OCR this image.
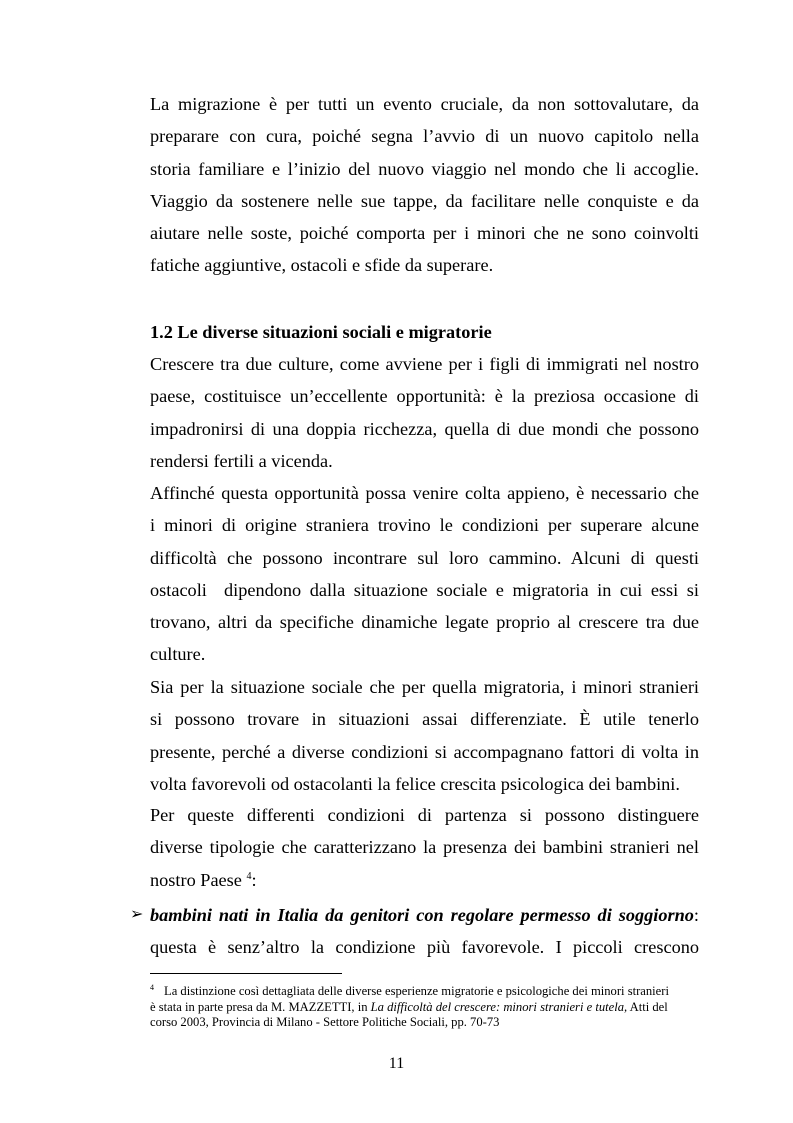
La migrazione è per tutti un evento cruciale, da non sottovalutare, da
preparare con cura, poiché segna l’avvio di un nuovo capitolo nella
storia familiare e l’inizio del nuovo viaggio nel mondo che li accoglie.
Viaggio da sostenere nelle sue tappe, da facilitare nelle conquiste e da
aiutare nelle soste, poiché comporta per i minori che ne sono coinvolti
fatiche aggiuntive, ostacoli e sfide da superare.
1.2 Le diverse situazioni sociali e migratorie
Crescere tra due culture, come avviene per i figli di immigrati nel nostro
paese, costituisce un’eccellente opportunità: è la preziosa occasione di
impadronirsi di una doppia ricchezza, quella di due mondi che possono
rendersi fertili a vicenda.
Affinché questa opportunità possa venire colta appieno, è necessario che
i minori di origine straniera trovino le condizioni per superare alcune
difficoltà che possono incontrare sul loro cammino. Alcuni di questi
ostacoli  dipendono dalla situazione sociale e migratoria in cui essi si
trovano, altri da specifiche dinamiche legate proprio al crescere tra due
culture.
Sia per la situazione sociale che per quella migratoria, i minori stranieri
si possono trovare in situazioni assai differenziate. È utile tenerlo
presente, perché a diverse condizioni si accompagnano fattori di volta in
volta favorevoli od ostacolanti la felice crescita psicologica dei bambini.
Per queste differenti condizioni di partenza si possono distinguere
diverse tipologie che caratterizzano la presenza dei bambini stranieri nel
nostro Paese $^4$:
➢ bambini nati in Italia da genitori con regolare permesso di soggiorno:
questa è senz’altro la condizione più favorevole. I piccoli crescono

$^4$ La distinzione così dettagliata delle diverse esperienze migratorie e psicologiche dei minori stranieri è stata in parte presa da M. MAZZETTI, in La difficoltà del crescere: minori stranieri e tutela, Atti del corso 2003, Provincia di Milano - Settore Politiche Sociali, pp. 70-73

11
